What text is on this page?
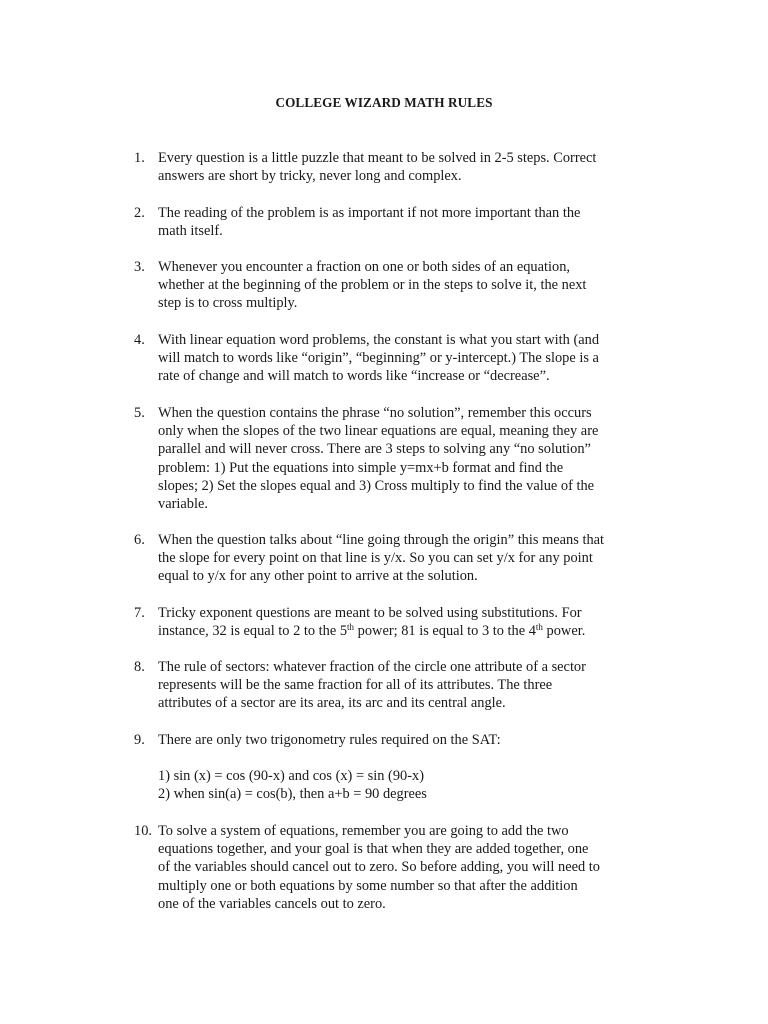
COLLEGE WIZARD MATH RULES
1. Every question is a little puzzle that meant to be solved in 2-5 steps. Correct
answers are short by tricky, never long and complex.

2. The reading of the problem is as important if not more important than the
math itself.

3. Whenever you encounter a fraction on one or both sides of an equation,
whether at the beginning of the problem or in the steps to solve it, the next
step is to cross multiply.

4. With linear equation word problems, the constant is what you start with (and
will match to words like “origin”, “beginning” or y-intercept.) The slope is a
rate of change and will match to words like “increase or “decrease”.

5. When the question contains the phrase “no solution”, remember this occurs
only when the slopes of the two linear equations are equal, meaning they are
parallel and will never cross. There are 3 steps to solving any “no solution”
problem: 1) Put the equations into simple y=mx+b format and find the
slopes; 2) Set the slopes equal and 3) Cross multiply to find the value of the
variable.

6. When the question talks about “line going through the origin” this means that
the slope for every point on that line is y/x. So you can set y/x for any point
equal to y/x for any other point to arrive at the solution.

7. Tricky exponent questions are meant to be solved using substitutions. For
instance, 32 is equal to 2 to the 5th power; 81 is equal to 3 to the 4th power.

8. The rule of sectors: whatever fraction of the circle one attribute of a sector
represents will be the same fraction for all of its attributes. The three
attributes of a sector are its area, its arc and its central angle.

9. There are only two trigonometry rules required on the SAT:

1) sin (x) = cos (90-x) and cos (x) = sin (90-x)
2) when sin(a) = cos(b), then a+b = 90 degrees
10. To solve a system of equations, remember you are going to add the two
equations together, and your goal is that when they are added together, one
of the variables should cancel out to zero. So before adding, you will need to
multiply one or both equations by some number so that after the addition
one of the variables cancels out to zero.
